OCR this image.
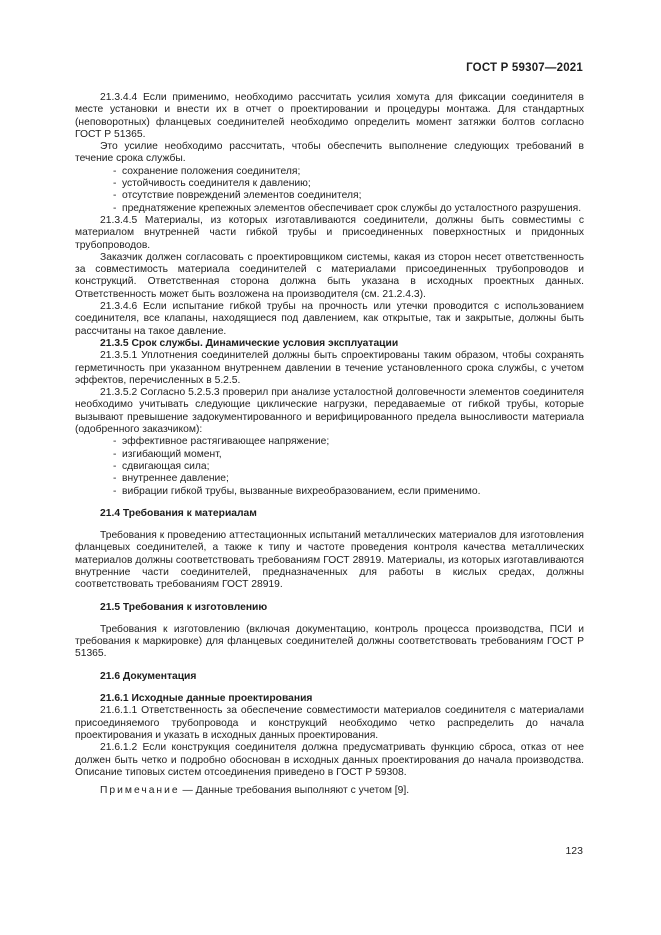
ГОСТ Р 59307—2021

21.3.4.4 Если применимо, необходимо рассчитать усилия хомута для фиксации соединителя в месте установки и внести их в отчет о проектировании и процедуры монтажа. Для стандартных (неповоротных) фланцевых соединителей необходимо определить момент затяжки болтов согласно ГОСТ Р 51365.

Это усилие необходимо рассчитать, чтобы обеспечить выполнение следующих требований в течение срока службы.

- сохранение положения соединителя;

- устойчивость соединителя к давлению;

- отсутствие повреждений элементов соединителя;

- преднатяжение крепежных элементов обеспечивает срок службы до усталостного разрушения.

21.3.4.5 Материалы, из которых изготавливаются соединители, должны быть совместимы с материалом внутренней части гибкой трубы и присоединенных поверхностных и придонных трубопроводов.

Заказчик должен согласовать с проектировщиком системы, какая из сторон несет ответственность за совместимость материала соединителей с материалами присоединенных трубопроводов и конструкций. Ответственная сторона должна быть указана в исходных проектных данных. Ответственность может быть возложена на производителя (см. 21.2.4.3).

21.3.4.6 Если испытание гибкой трубы на прочность или утечки проводится с использованием соединителя, все клапаны, находящиеся под давлением, как открытые, так и закрытые, должны быть рассчитаны на такое давление.

21.3.5 Срок службы. Динамические условия эксплуатации

21.3.5.1 Уплотнения соединителей должны быть спроектированы таким образом, чтобы сохранять герметичность при указанном внутреннем давлении в течение установленного срока службы, с учетом эффектов, перечисленных в 5.2.5.

21.3.5.2 Согласно 5.2.5.3 проверил при анализе усталостной долговечности элементов соединителя необходимо учитывать следующие циклические нагрузки, передаваемые от гибкой трубы, которые вызывают превышение задокументированного и верифицированного предела выносливости материала (одобренного заказчиком):

- эффективное растягивающее напряжение;

- изгибающий момент,

- сдвигающая сила;

- внутреннее давление;

- вибрации гибкой трубы, вызванные вихреобразованием, если применимо.

21.4 Требования к материалам

Требования к проведению аттестационных испытаний металлических материалов для изготовления фланцевых соединителей, а также к типу и частоте проведения контроля качества металлических материалов должны соответствовать требованиям ГОСТ 28919. Материалы, из которых изготавливаются внутренние части соединителей, предназначенных для работы в кислых средах, должны соответствовать требованиям ГОСТ 28919.

21.5 Требования к изготовлению

Требования к изготовлению (включая документацию, контроль процесса производства, ПСИ и требования к маркировке) для фланцевых соединителей должны соответствовать требованиям ГОСТ Р 51365.

21.6 Документация

21.6.1 Исходные данные проектирования

21.6.1.1 Ответственность за обеспечение совместимости материалов соединителя с материалами присоединяемого трубопровода и конструкций необходимо четко распределить до начала проектирования и указать в исходных данных проектирования.

21.6.1.2 Если конструкция соединителя должна предусматривать функцию сброса, отказ от нее должен быть четко и подробно обоснован в исходных данных проектирования до начала производства. Описание типовых систем отсоединения приведено в ГОСТ Р 59308.

Примечание — Данные требования выполняют с учетом [9].

123
